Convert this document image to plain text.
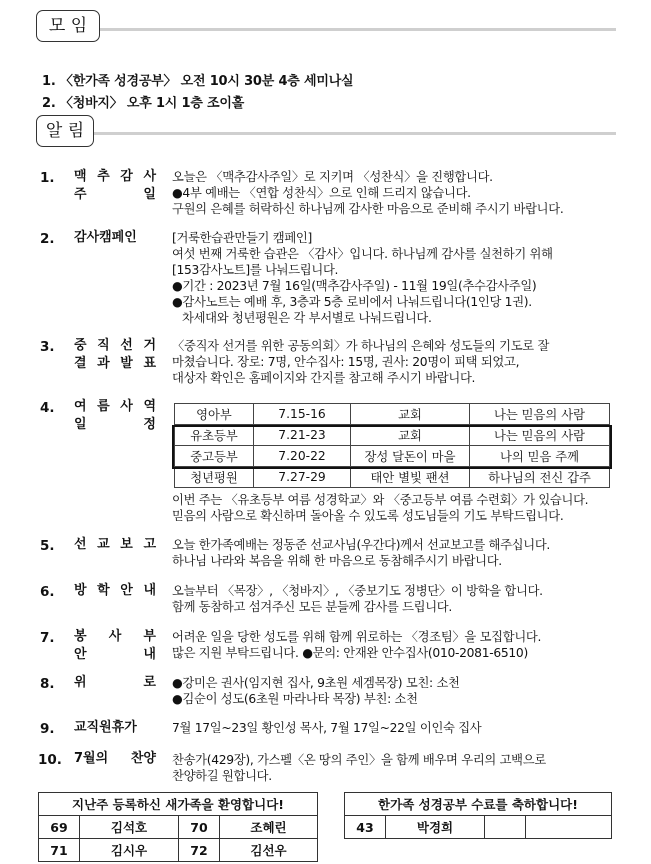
모 임
1. 〈한가족 성경공부〉 오전 10시 30분 4층 세미나실
2. 〈청바지〉 오후 1시 1층 조이홀
알 림
1. 맥 추 감 사
주 일
오늘은 〈맥추감사주일〉로 지키며 〈성찬식〉을 진행합니다.
●4부 예배는 〈연합 성찬식〉으로 인해 드리지 않습니다.
구원의 은혜를 허락하신 하나님께 감사한 마음으로 준비해 주시기 바랍니다.
2. 감사캠페인	[거룩한습관만들기 캠페인]
여섯 번째 거룩한 습관은 〈감사〉입니다. 하나님께 감사를 실천하기 위해
[153감사노트]를 나눠드립니다.
●기간 : 2023년 7월 16일(맥추감사주일) - 11월 19일(추수감사주일)
●감사노트는 예배 후, 3층과 5층 로비에서 나눠드립니다(1인당 1권).
차세대와 청년평원은 각 부서별로 나눠드립니다.
3. 중 직 선 거
결 과 발 표
〈중직자 선거를 위한 공동의회〉가 하나님의 은혜와 성도들의 기도로 잘
마쳤습니다. 장로: 7명, 안수집사: 15명, 권사: 20명이 피택 되었고,
대상자 확인은 홈페이지와 간지를 참고해 주시기 바랍니다.
4. 여 름 사 역
일 정
영아부	7.15-16	교회	나는 믿음의 사람
유초등부	7.21-23	교회	나는 믿음의 사람
중고등부	7.20-22	장성 달돈이 마을	나의 믿음 주께
청년평원	7.27-29	태안 별빛 팬션	하나님의 전신 갑주
이번 주는 〈유초등부 여름 성경학교〉와 〈중고등부 여름 수련회〉가 있습니다.
믿음의 사람으로 확신하며 돌아올 수 있도록 성도님들의 기도 부탁드립니다.
5. 선 교 보 고 오늘 한가족예배는 정동준 선교사님(우간다)께서 선교보고를 해주십니다.
하나님 나라와 복음을 위해 한 마음으로 동참해주시기 바랍니다.
6. 방 학 안 내 오늘부터 〈목장〉, 〈청바지〉, 〈중보기도 정병단〉이 방학을 합니다.
함께 동참하고 섬겨주신 모든 분들께 감사를 드립니다.
7. 봉 사 부
안 내
어려운 일을 당한 성도를 위해 함께 위로하는 〈경조팀〉을 모집합니다.
많은 지원 부탁드립니다. ●문의: 안재완 안수집사(010-2081-6510)
8. 위 로 ●강미은 권사(임지현 집사, 9초원 세겜목장) 모친: 소천
●김순이 성도(6초원 마라나타 목장) 부친: 소천
9. 교직원휴가	7월 17일~23일 황인성 목사, 7월 17일~22일 이인숙 집사
10. 7월의 찬양 찬송가(429장), 가스펠〈온 땅의 주인〉을 함께 배우며 우리의 고백으로
찬양하길 원합니다.
지난주 등록하신 새가족을 환영합니다!			
69	김석호	70	조혜린
71	김시우	72	김선우
한가족 성경공부 수료를 축하합니다!
43	박경희		
